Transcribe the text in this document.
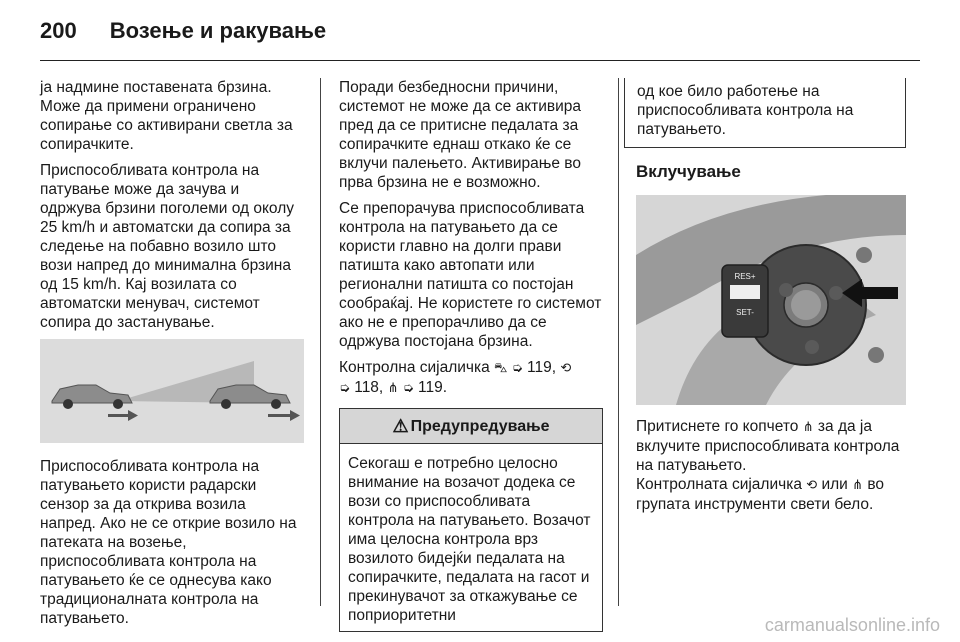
200 Возење и ракување

ја надмине поставената брзина. Може да примени ограничено сопирање со активирани светла за сопирачките.

Приспособливата контрола на патување може да зачува и одржува брзини поголеми од околу 25 km/h и автоматски да сопира за следење на побавно возило што вози напред до минимална брзина од 15 km/h. Кај возилата со автоматски менувач, системот сопира до застанување.

Приспособливата контрола на патувањето користи радарски сензор за да открива возила напред. Ако не се открие возило на патеката на возење, приспособливата контрола на патувањето ќе се однесува како традиционалната контрола на патувањето.

Поради безбедносни причини, системот не може да се активира пред да се притисне педалата за сопирачките еднаш откако ќе се вклучи палењето. Активирање во прва брзина не е возможно.

Се препорачува приспособливата контрола на патувањето да се користи главно на долги прави патишта како автопати или регионални патишта со постојан сообраќај. Не користете го системот ако не е препорачливо да се одржува постојана брзина.

Контролна сијаличка ⛍ ➭ 119, ⟲
➭ 118, ⋔ ➭ 119.

⚠ Предупредување
Секогаш е потребно целосно внимание на возачот додека се вози со приспособливата контрола на патувањето. Возачот има целосна контрола врз возилото бидејќи педалата на сопирачките, педалата на гасот и прекинувачот за откажување се поприоритетни
од кое било работење на приспособливата контрола на патувањето.
Вклучување
RES+
SET-

Притиснете го копчето ⋔ за да ја вклучите приспособливата контрола на патувањето.
Контролната сијаличка ⟲ или ⋔ во групата инструменти свети бело.

carmanualsonline.info
